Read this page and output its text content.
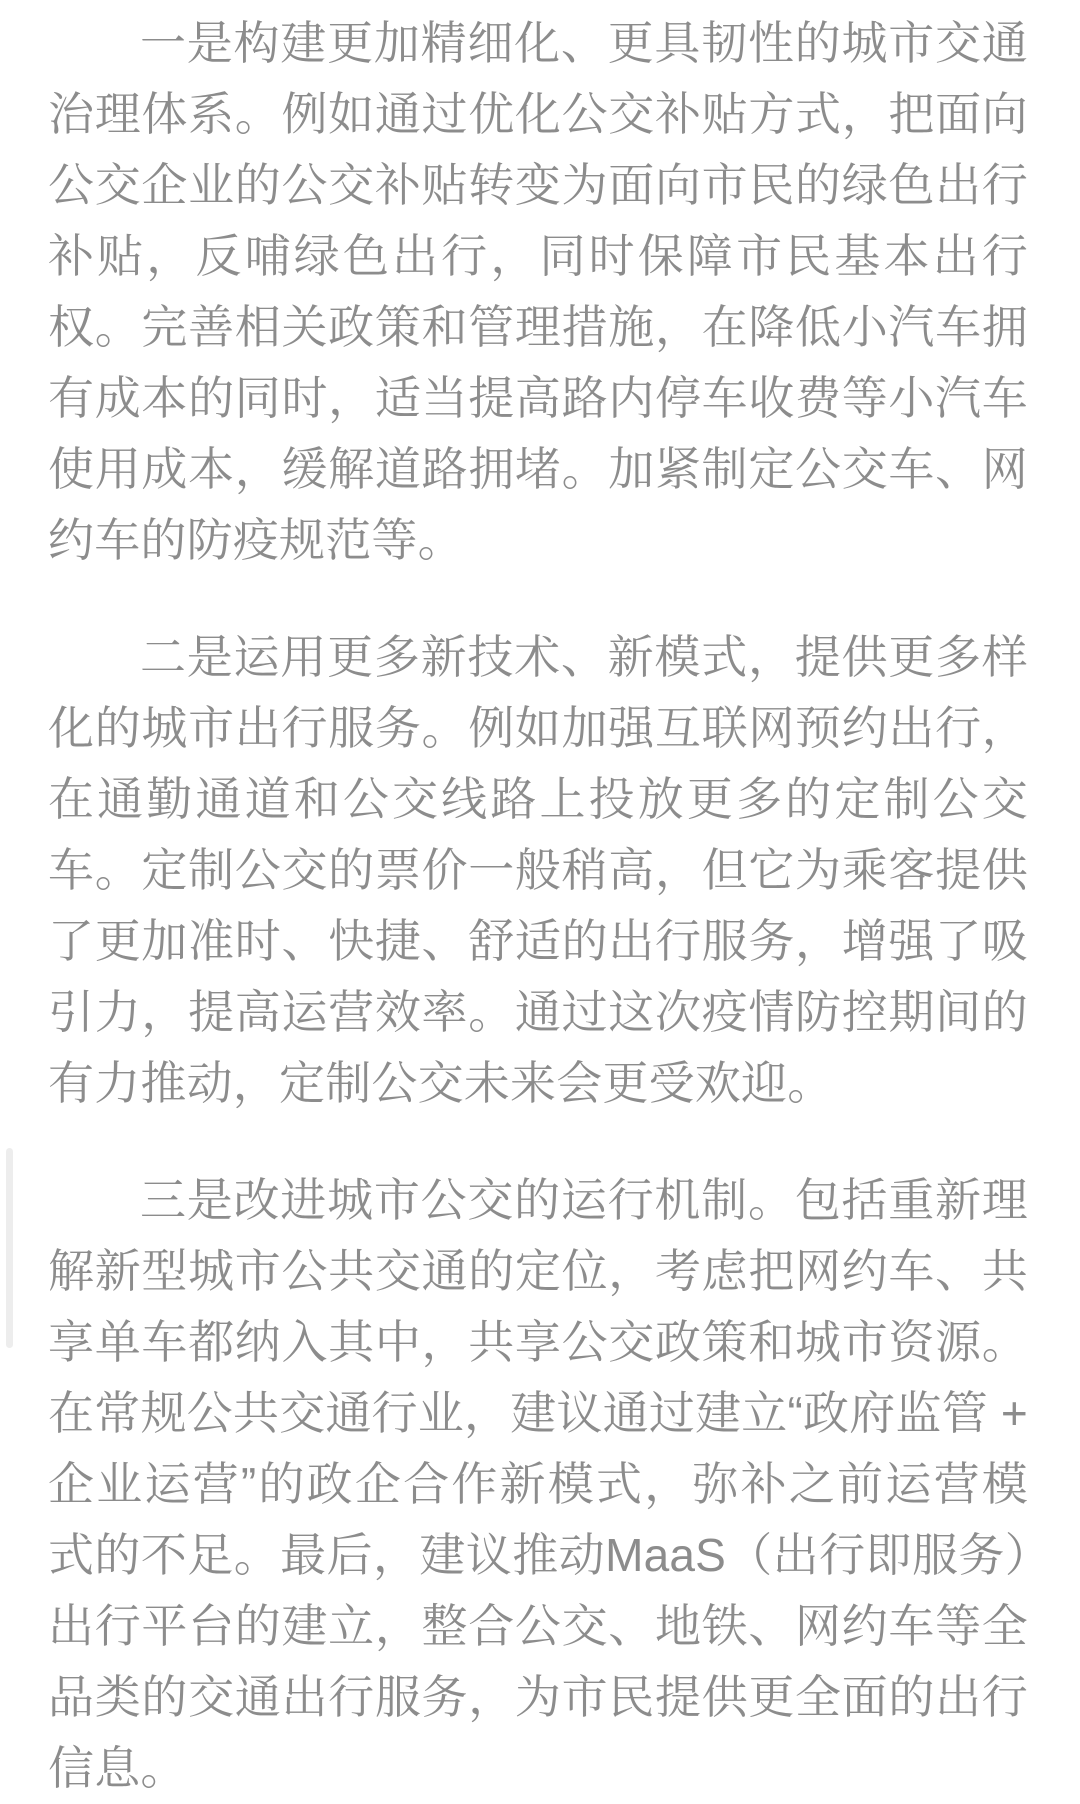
一是构建更加精细化、更具韧性的城市交通治理体系。例如通过优化公交补贴方式，把面向公交企业的公交补贴转变为面向市民的绿色出行补贴，反哺绿色出行，同时保障市民基本出行权。完善相关政策和管理措施，在降低小汽车拥有成本的同时，适当提高路内停车收费等小汽车使用成本，缓解道路拥堵。加紧制定公交车、网约车的防疫规范等。

二是运用更多新技术、新模式，提供更多样化的城市出行服务。例如加强互联网预约出行，在通勤通道和公交线路上投放更多的定制公交车。定制公交的票价一般稍高，但它为乘客提供了更加准时、快捷、舒适的出行服务，增强了吸引力，提高运营效率。通过这次疫情防控期间的有力推动，定制公交未来会更受欢迎。

三是改进城市公交的运行机制。包括重新理解新型城市公共交通的定位，考虑把网约车、共享单车都纳入其中，共享公交政策和城市资源。在常规公共交通行业，建议通过建立“政府监管 + 企业运营”的政企合作新模式，弥补之前运营模式的不足。最后，建议推动MaaS（出行即服务）出行平台的建立，整合公交、地铁、网约车等全品类的交通出行服务，为市民提供更全面的出行信息。
